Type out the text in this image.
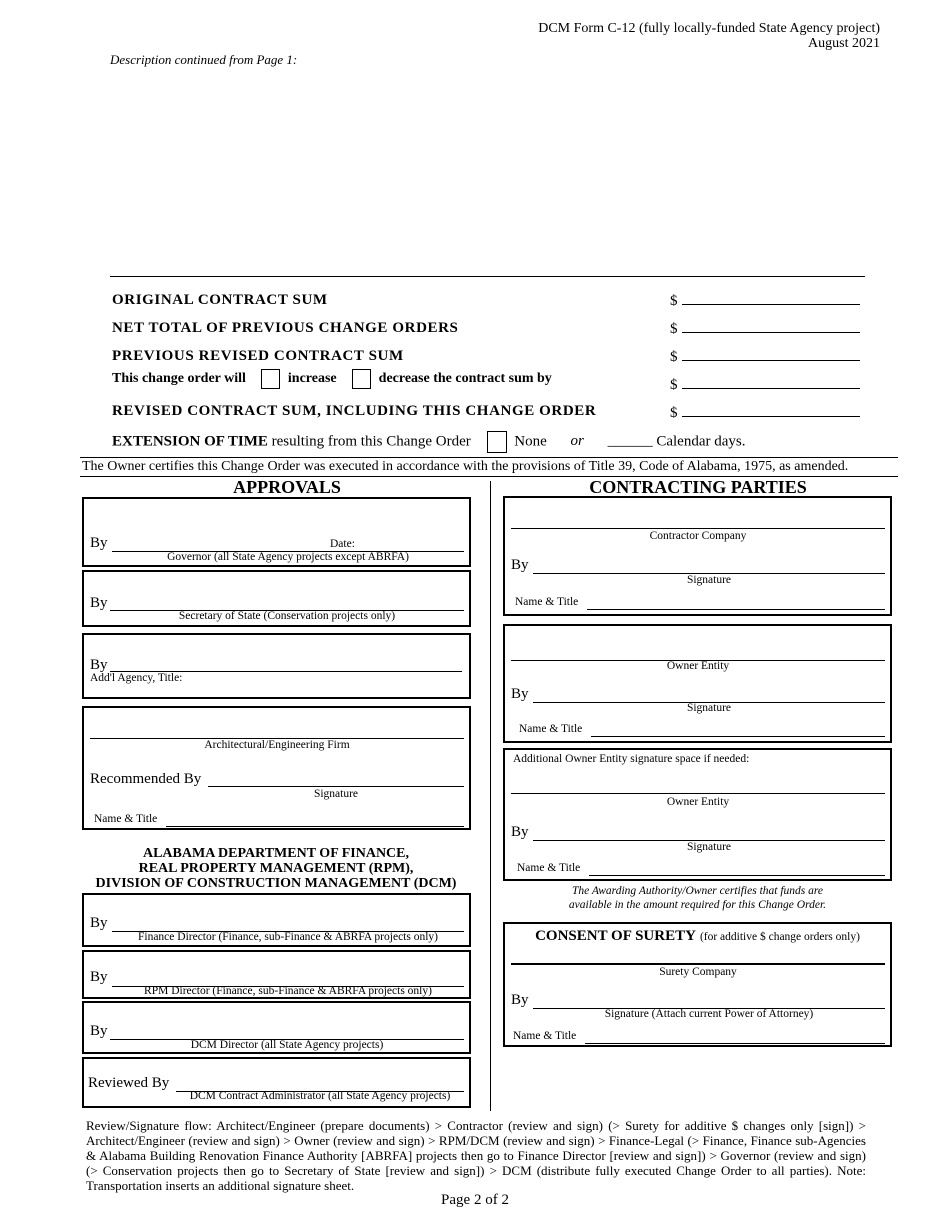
DCM Form C-12 (fully locally-funded State Agency project)
August 2021
Description continued from Page 1:
ORIGINAL CONTRACT SUM	$
NET TOTAL OF PREVIOUS CHANGE ORDERS	$
PREVIOUS REVISED CONTRACT SUM	$
This change order will	increase	decrease the contract sum by	$
REVISED CONTRACT SUM, INCLUDING THIS CHANGE ORDER	$
EXTENSION OF TIME resulting from this Change Order	None or ______ Calendar days.
The Owner certifies this Change Order was executed in accordance with the provisions of Title 39, Code of Alabama, 1975, as amended.
APPROVALS
By	Date:
Governor (all State Agency projects except ABRFA)
By
Secretary of State (Conservation projects only)
By
Add'l Agency, Title:
Architectural/Engineering Firm
Recommended By
Signature
Name & Title
ALABAMA DEPARTMENT OF FINANCE,
REAL PROPERTY MANAGEMENT (RPM),
DIVISION OF CONSTRUCTION MANAGEMENT (DCM)
By
Finance Director (Finance, sub-Finance & ABRFA projects only)
By
RPM Director (Finance, sub-Finance & ABRFA projects only)
By
DCM Director (all State Agency projects)
Reviewed By
DCM Contract Administrator (all State Agency projects)
CONTRACTING PARTIES
Contractor Company
By
Signature
Name & Title
Owner Entity
By
Signature
Name & Title
Additional Owner Entity signature space if needed:
Owner Entity
By
Signature
Name & Title
The Awarding Authority/Owner certifies that funds are
available in the amount required for this Change Order.
CONSENT OF SURETY (for additive $ change orders only)
Surety Company
By
Signature (Attach current Power of Attorney)
Name & Title
Review/Signature flow: Architect/Engineer (prepare documents) > Contractor (review and sign) (> Surety for additive $ changes only [sign]) > Architect/Engineer (review and sign) > Owner (review and sign) > RPM/DCM (review and sign) > Finance-Legal (> Finance, Finance sub-Agencies & Alabama Building Renovation Finance Authority [ABRFA] projects then go to Finance Director [review and sign]) > Governor (review and sign) (> Conservation projects then go to Secretary of State [review and sign]) > DCM (distribute fully executed Change Order to all parties). Note: Transportation inserts an additional signature sheet.
Page 2 of 2
